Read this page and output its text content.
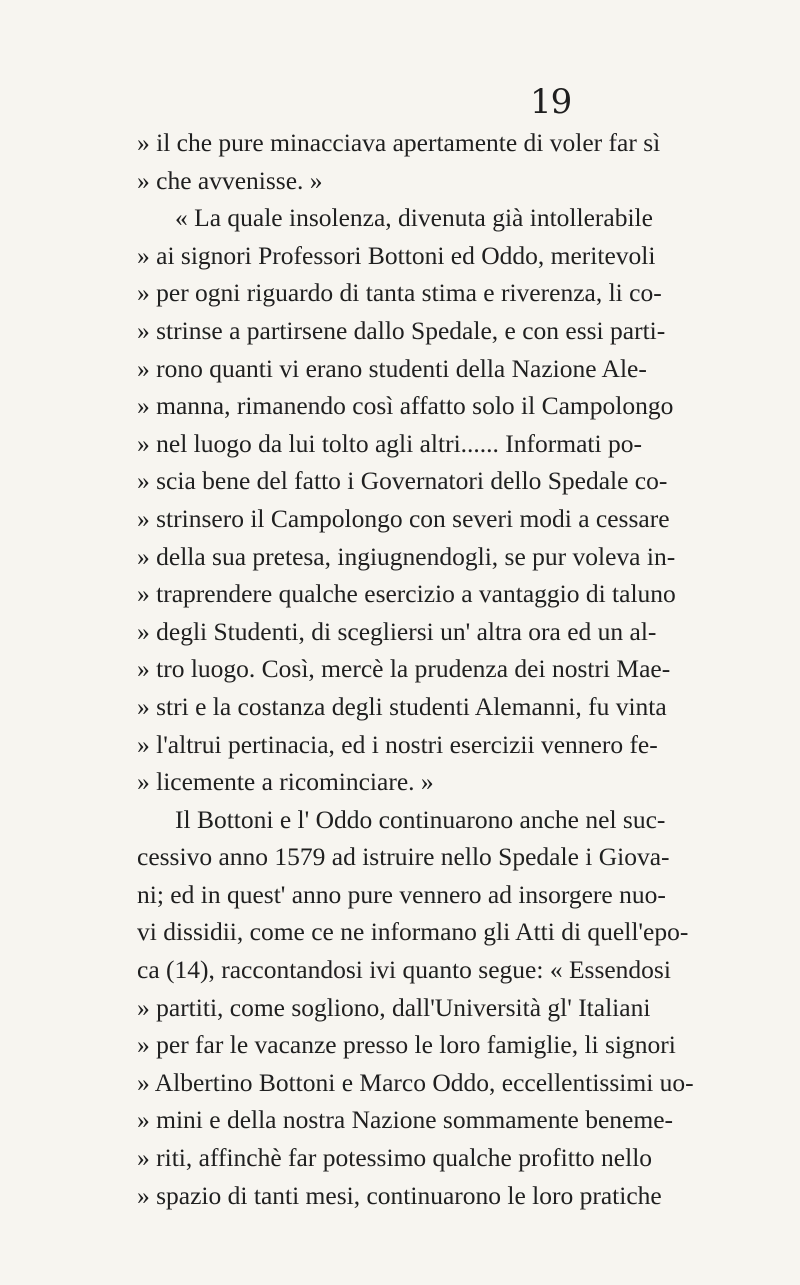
19
» il che pure minacciava apertamente di voler far sì
» che avvenisse. »
« La quale insolenza, divenuta già intollerabile
» ai signori Professori Bottoni ed Oddo, meritevoli
» per ogni riguardo di tanta stima e riverenza, li co-
» strinse a partirsene dallo Spedale, e con essi parti-
» rono quanti vi erano studenti della Nazione Ale-
» manna, rimanendo così affatto solo il Campolongo
» nel luogo da lui tolto agli altri...... Informati po-
» scia bene del fatto i Governatori dello Spedale co-
» strinsero il Campolongo con severi modi a cessare
» della sua pretesa, ingiugnendogli, se pur voleva in-
» traprendere qualche esercizio a vantaggio di taluno
» degli Studenti, di scegliersi un' altra ora ed un al-
» tro luogo. Così, mercè la prudenza dei nostri Mae-
» stri e la costanza degli studenti Alemanni, fu vinta
» l'altrui pertinacia, ed i nostri esercizii vennero fe-
» licemente a ricominciare. »
Il Bottoni e l' Oddo continuarono anche nel suc-
cessivo anno 1579 ad istruire nello Spedale i Giova-
ni; ed in quest' anno pure vennero ad insorgere nuo-
vi dissidii, come ce ne informano gli Atti di quell'epo-
ca (14), raccontandosi ivi quanto segue: « Essendosi
» partiti, come sogliono, dall'Università gl' Italiani
» per far le vacanze presso le loro famiglie, li signori
» Albertino Bottoni e Marco Oddo, eccellentissimi uo-
» mini e della nostra Nazione sommamente beneme-
» riti, affinchè far potessimo qualche profitto nello
» spazio di tanti mesi, continuarono le loro pratiche
